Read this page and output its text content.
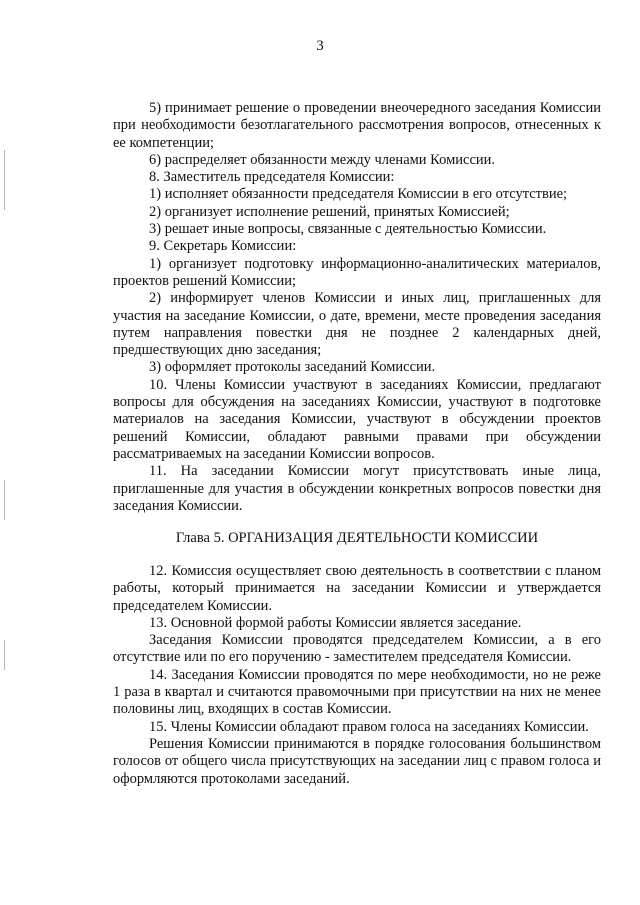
3

5) принимает решение о проведении внеочередного заседания Комиссии при необходимости безотлагательного рассмотрения вопросов, отнесенных к ее компетенции;

6) распределяет обязанности между членами Комиссии.

8. Заместитель председателя Комиссии:

1) исполняет обязанности председателя Комиссии в его отсутствие;

2) организует исполнение решений, принятых Комиссией;

3) решает иные вопросы, связанные с деятельностью Комиссии.

9. Секретарь Комиссии:

1) организует подготовку информационно-аналитических материалов, проектов решений Комиссии;

2) информирует членов Комиссии и иных лиц, приглашенных для участия на заседание Комиссии, о дате, времени, месте проведения заседания путем направления повестки дня не позднее 2 календарных дней, предшествующих дню заседания;

3) оформляет протоколы заседаний Комиссии.

10. Члены Комиссии участвуют в заседаниях Комиссии, предлагают вопросы для обсуждения на заседаниях Комиссии, участвуют в подготовке материалов на заседания Комиссии, участвуют в обсуждении проектов решений Комиссии, обладают равными правами при обсуждении рассматриваемых на заседании Комиссии вопросов.

11. На заседании Комиссии могут присутствовать иные лица, приглашенные для участия в обсуждении конкретных вопросов повестки дня заседания Комиссии.

Глава 5. ОРГАНИЗАЦИЯ ДЕЯТЕЛЬНОСТИ КОМИССИИ

12. Комиссия осуществляет свою деятельность в соответствии с планом работы, который принимается на заседании Комиссии и утверждается председателем Комиссии.

13. Основной формой работы Комиссии является заседание.

Заседания Комиссии проводятся председателем Комиссии, а в его отсутствие или по его поручению - заместителем председателя Комиссии.

14. Заседания Комиссии проводятся по мере необходимости, но не реже 1 раза в квартал и считаются правомочными при присутствии на них не менее половины лиц, входящих в состав Комиссии.

15. Члены Комиссии обладают правом голоса на заседаниях Комиссии.

Решения Комиссии принимаются в порядке голосования большинством голосов от общего числа присутствующих на заседании лиц с правом голоса и оформляются протоколами заседаний.
